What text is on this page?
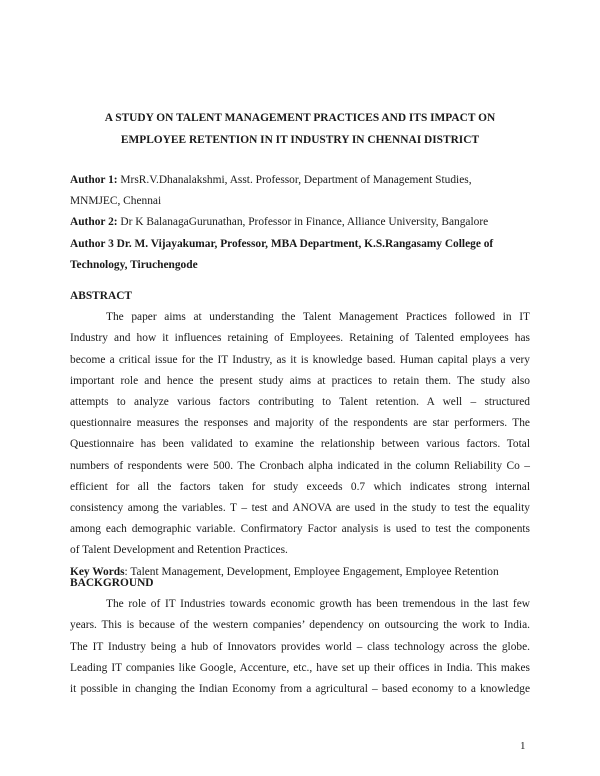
A STUDY ON TALENT MANAGEMENT PRACTICES AND ITS IMPACT ON
EMPLOYEE RETENTION IN IT INDUSTRY IN CHENNAI DISTRICT
Author 1: MrsR.V.Dhanalakshmi, Asst. Professor, Department of Management Studies,
MNMJEC, Chennai
Author 2: Dr K BalanagaGurunathan, Professor in Finance, Alliance University, Bangalore
Author 3 Dr. M. Vijayakumar, Professor, MBA Department, K.S.Rangasamy College of
Technology, Tiruchengode
ABSTRACT
The paper aims at understanding the Talent Management Practices followed in IT
Industry and how it influences retaining of Employees. Retaining of Talented employees has
become a critical issue for the IT Industry, as it is knowledge based. Human capital plays a very
important role and hence the present study aims at practices to retain them. The study also
attempts to analyze various factors contributing to Talent retention. A well – structured
questionnaire measures the responses and majority of the respondents are star performers. The
Questionnaire has been validated to examine the relationship between various factors. Total
numbers of respondents were 500. The Cronbach alpha indicated in the column Reliability Co –
efficient for all the factors taken for study exceeds 0.7 which indicates strong internal
consistency among the variables. T – test and ANOVA are used in the study to test the equality
among each demographic variable. Confirmatory Factor analysis is used to test the components
of Talent Development and Retention Practices.
Key Words: Talent Management, Development, Employee Engagement, Employee Retention
BACKGROUND
The role of IT Industries towards economic growth has been tremendous in the last few
years. This is because of the western companies’ dependency on outsourcing the work to India.
The IT Industry being a hub of Innovators provides world – class technology across the globe.
Leading IT companies like Google, Accenture, etc., have set up their offices in India. This makes
it possible in changing the Indian Economy from a agricultural – based economy to a knowledge
1
